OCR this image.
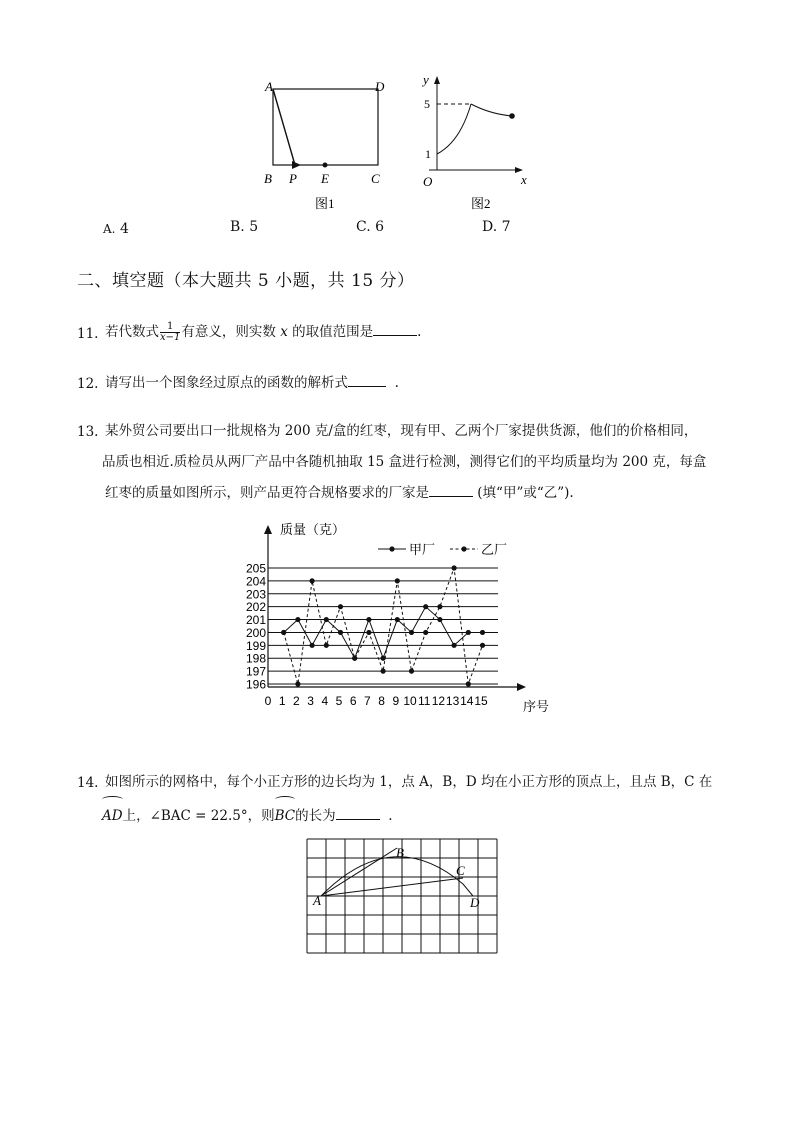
A	D
B P E	C
图1
y
x
O
5
1
图2
A. 4	B. 5	C. 6	D. 7
二、填空题（本大题共 5 小题，共 15 分）
11. 若代数式 $\frac{1}{x-1}$ 有意义，则实数 x 的取值范围是	.
12. 请写出一个图象经过原点的函数的解析式	.
13. 某外贸公司要出口一批规格为 200 克/盒的红枣，现有甲、乙两个厂家提供货源，他们的价格相同，
品质也相近.质检员从两厂产品中各随机抽取 15 盒进行检测，测得它们的平均质量均为 200 克，每盒
红枣的质量如图所示，则产品更符合规格要求的厂家是	(填“甲”或“乙”).
205
204
203
202
201
200
199
198
197
196
0 1 2 3 4 5 6 7 8 9 10 11 12 13 14 15
甲厂	乙厂
质量（克）
序号
14. 如图所示的网格中，每个小正方形的边长均为 1，点 A，B，D 均在小正方形的顶点上，且点 B，C 在
AD上，∠BAC = 22.5°，则BC的长为	.
A
B
C
D
